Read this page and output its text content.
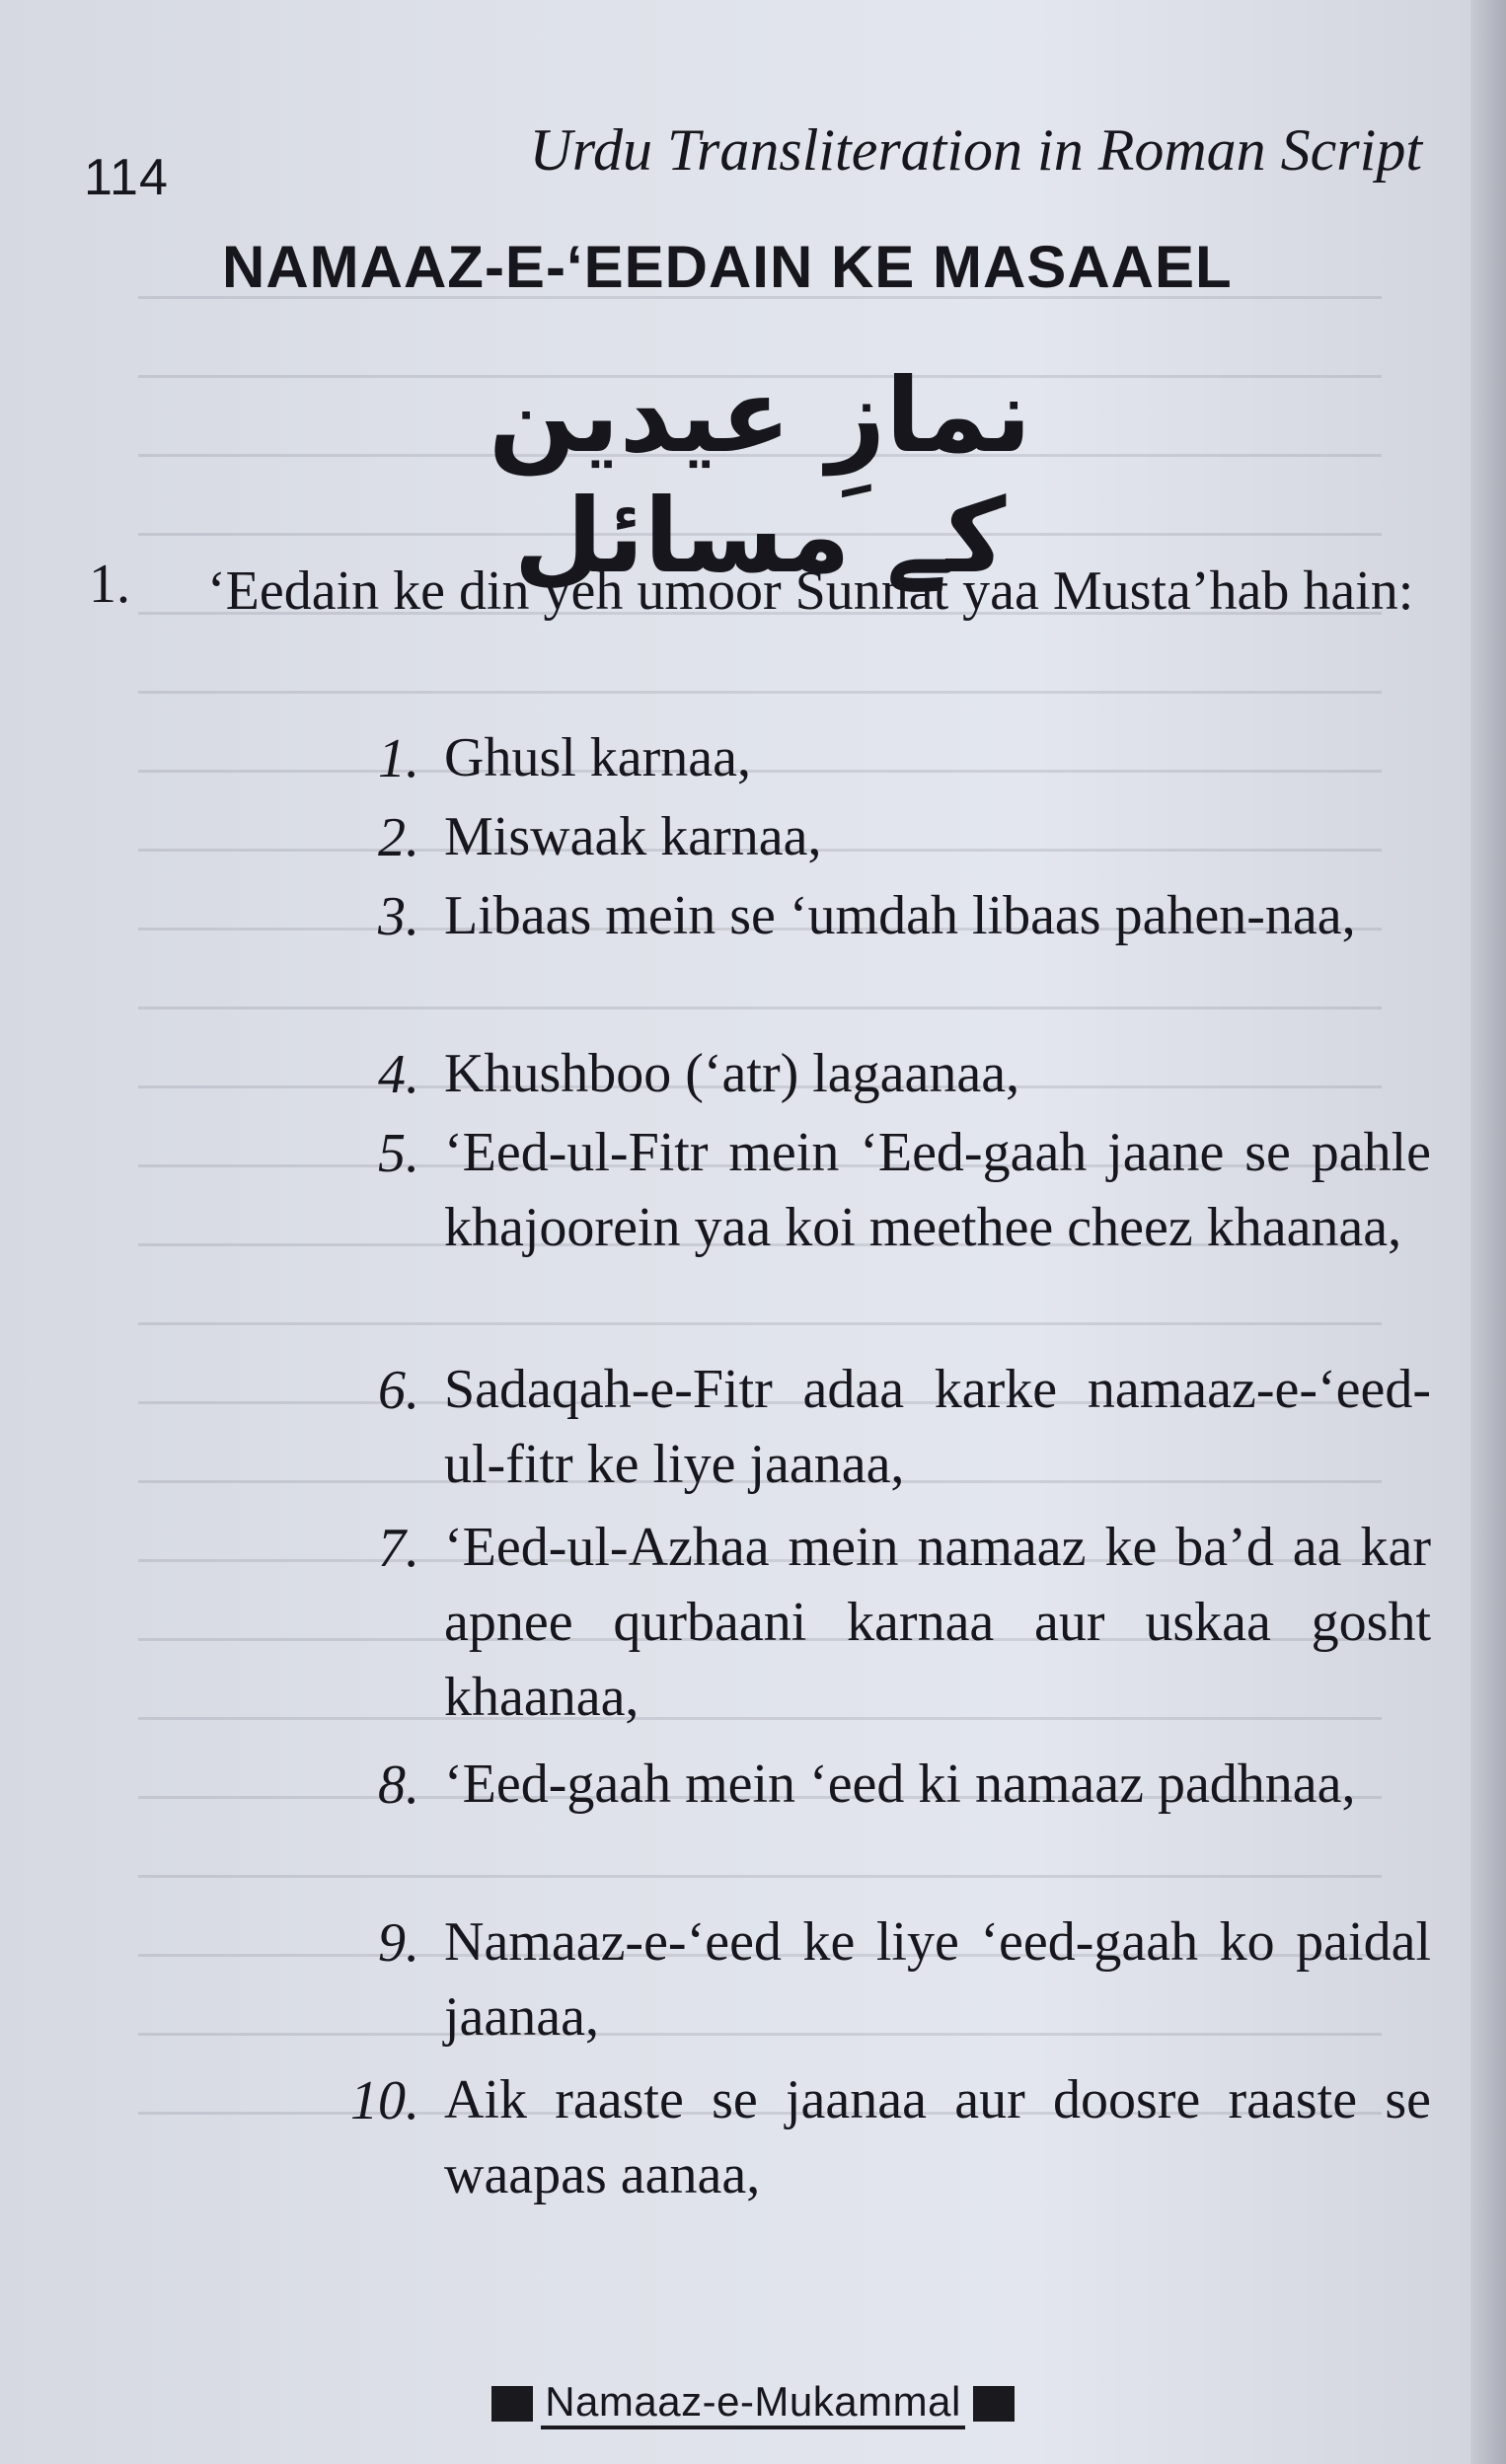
114	Urdu Transliteration in Roman Script
NAMAAZ-E-‘EEDAIN KE MASAAEL
نمازِ عیدین کے مسائل
1. ‘Eedain ke din yeh umoor Sunnat yaa Musta’hab hain:
1. Ghusl karnaa,
2. Miswaak karnaa,
3. Libaas mein se ‘umdah libaas pahen-naa,
4. Khushboo (‘atr) lagaanaa,
5. ‘Eed-ul-Fitr mein ‘Eed-gaah jaane se pahle khajoorein yaa koi meethee cheez khaanaa,
6. Sadaqah-e-Fitr adaa karke namaaz-e-‘eed-ul-fitr ke liye jaanaa,
7. ‘Eed-ul-Azhaa mein namaaz ke ba’d aa kar apnee qurbaani karnaa aur uskaa gosht khaanaa,
8. ‘Eed-gaah mein ‘eed ki namaaz padhnaa,
9. Namaaz-e-‘eed ke liye ‘eed-gaah ko paidal jaanaa,
10. Aik raaste se jaanaa aur doosre raaste se waapas aanaa,
Namaaz-e-Mukammal
